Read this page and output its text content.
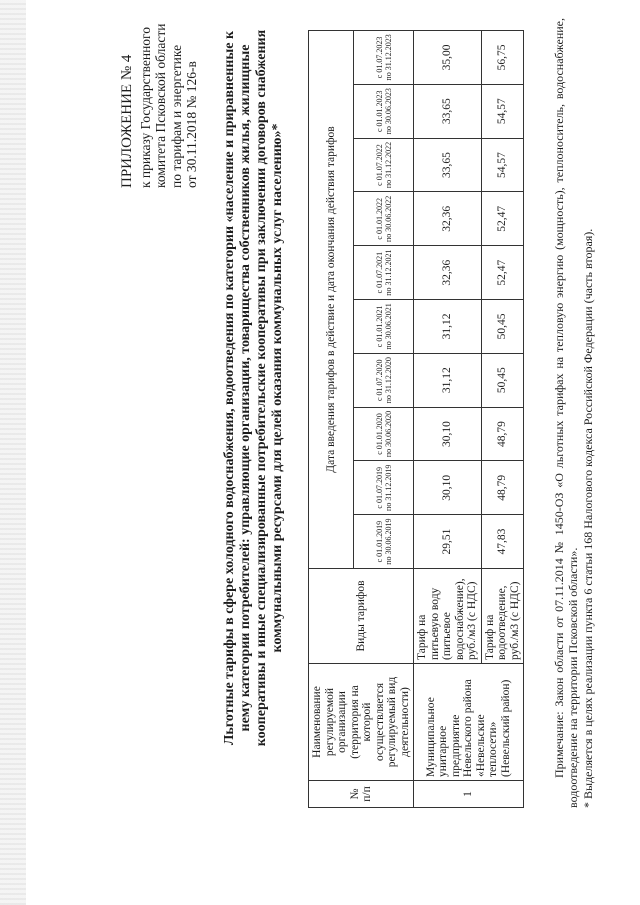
ПРИЛОЖЕНИЕ № 4 к приказу Государственного комитета Псковской области по тарифам и энергетике от 30.11.2018 № 126-в Льготные тарифы в сфере холодного водоснабжения, водоотведения по категории «население и приравненные к нему категории потребителей: управляющие организации, товарищества собственников жилья, жилищные кооперативы и иные специализированные потребительские кооперативы при заключении договоров снабжения коммунальными ресурсами для целей оказания коммунальных услуг населению»*
№ п/п	Наименование регулируемой организации (территория на которой осуществляется регулируемый вид деятельности)	Виды тарифов	Дата введения тарифов в действие и дата окончания действия тарифов									
			с 01.01.2019 по 30.06.2019	с 01.07.2019 по 31.12.2019	с 01.01.2020 по 30.06.2020	с 01.07.2020 по 31.12.2020	с 01.01.2021 по 30.06.2021	с 01.07.2021 по 31.12.2021	с 01.01.2022 по 30.06.2022	с 01.07.2022 по 31.12.2022	с 01.01.2023 по 30.06.2023	с 01.07.2023 по 31.12.2023
1	Муниципальное унитарное предприятие Невельского района «Невельские теплосети» (Невельский район)	Тариф на питьевую воду (питьевое водоснабжение), руб./м3 (с НДС)	29,51	30,10	30,10	31,12	31,12	32,36	32,36	33,65	33,65	35,00
		Тариф на водоотведение, руб./м3 (с НДС)	47,83	48,79	48,79	50,45	50,45	52,47	52,47	54,57	54,57	56,75	Примечание: Закон области от 07.11.2014 № 1450-ОЗ «О льготных тарифах на тепловую энергию (мощность), теплоноситель, водоснабжение, водоотведение на территории Псковской области». * Выделяется в целях реализации пункта 6 статьи 168 Налогового кодекса Российской Федерации (часть вторая).
